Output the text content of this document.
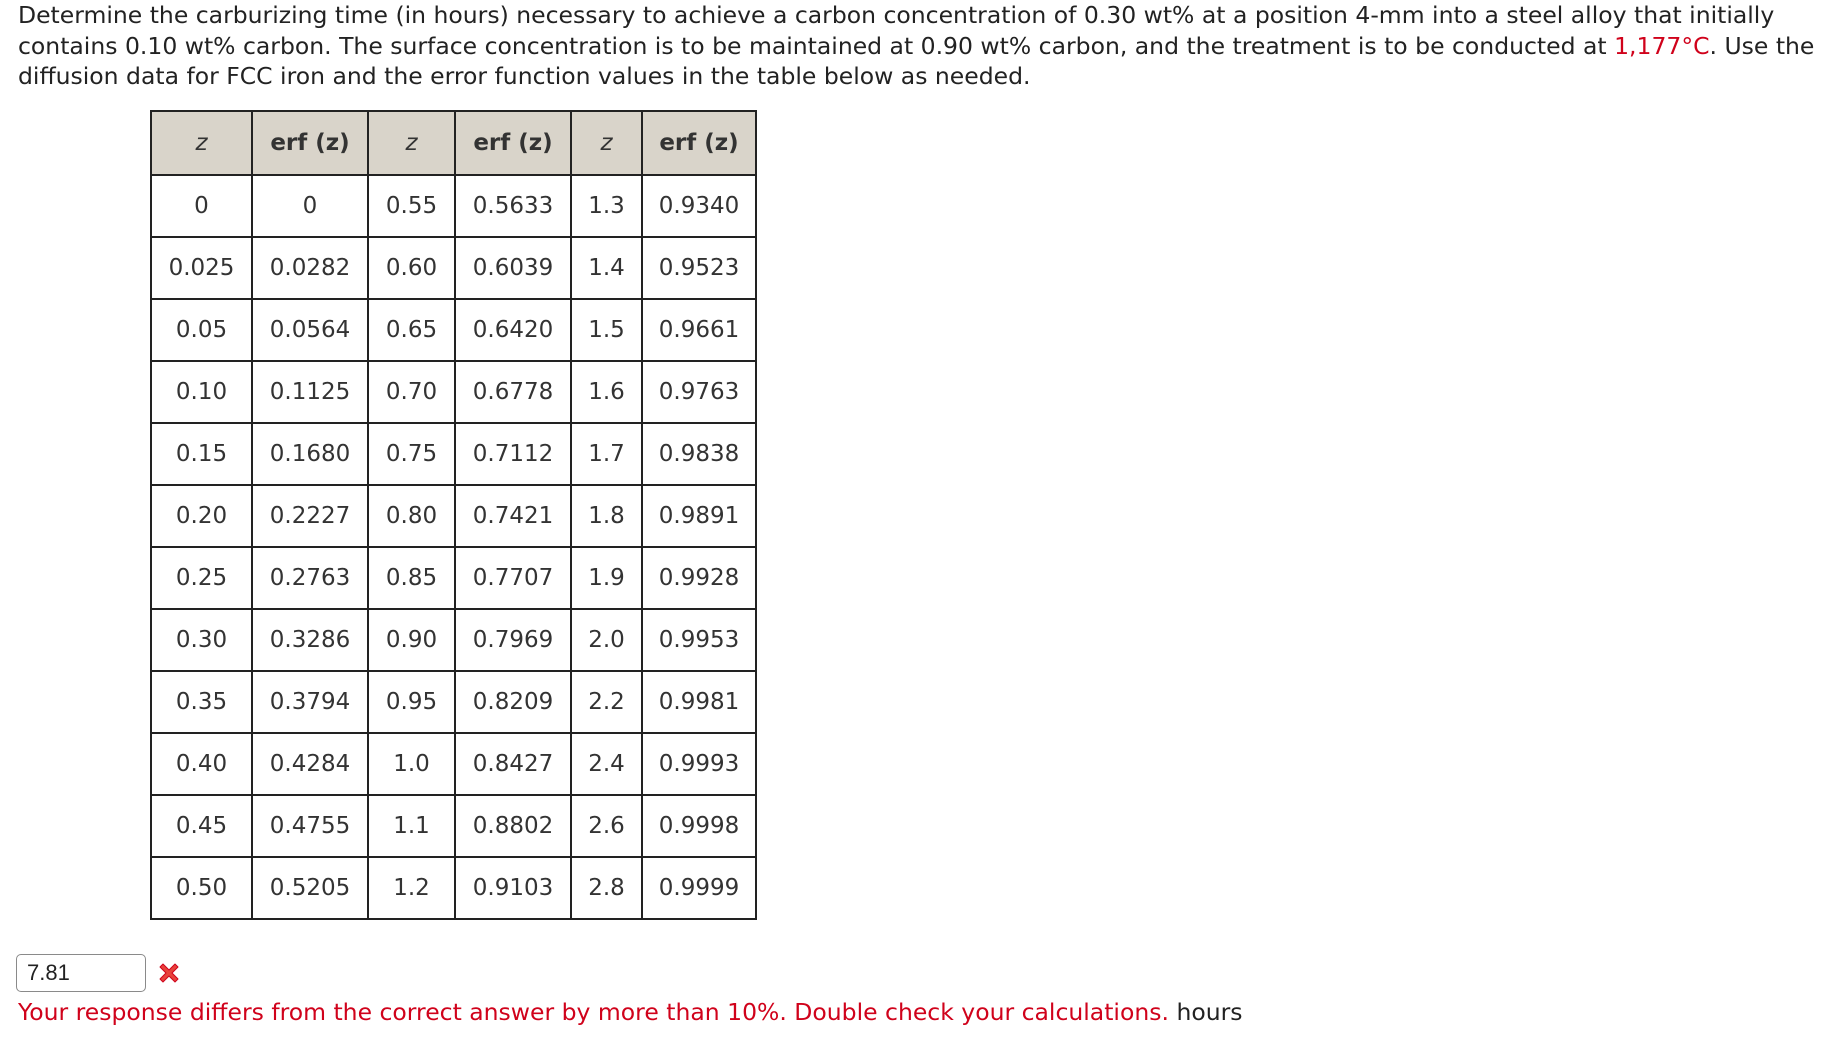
Determine the carburizing time (in hours) necessary to achieve a carbon concentration of 0.30 wt% at a position 4-mm into a steel alloy that initially contains 0.10 wt% carbon. The surface concentration is to be maintained at 0.90 wt% carbon, and the treatment is to be conducted at 1,177°C. Use the diffusion data for FCC iron and the error function values in the table below as needed.

z	erf (z)	z	erf (z)	z	erf (z)
0	0	0.55	0.5633	1.3	0.9340
0.025	0.0282	0.60	0.6039	1.4	0.9523
0.05	0.0564	0.65	0.6420	1.5	0.9661
0.10	0.1125	0.70	0.6778	1.6	0.9763
0.15	0.1680	0.75	0.7112	1.7	0.9838
0.20	0.2227	0.80	0.7421	1.8	0.9891
0.25	0.2763	0.85	0.7707	1.9	0.9928
0.30	0.3286	0.90	0.7969	2.0	0.9953
0.35	0.3794	0.95	0.8209	2.2	0.9981
0.40	0.4284	1.0	0.8427	2.4	0.9993
0.45	0.4755	1.1	0.8802	2.6	0.9998
0.50	0.5205	1.2	0.9103	2.8	0.9999
7.81

Your response differs from the correct answer by more than 10%. Double check your calculations. hours
